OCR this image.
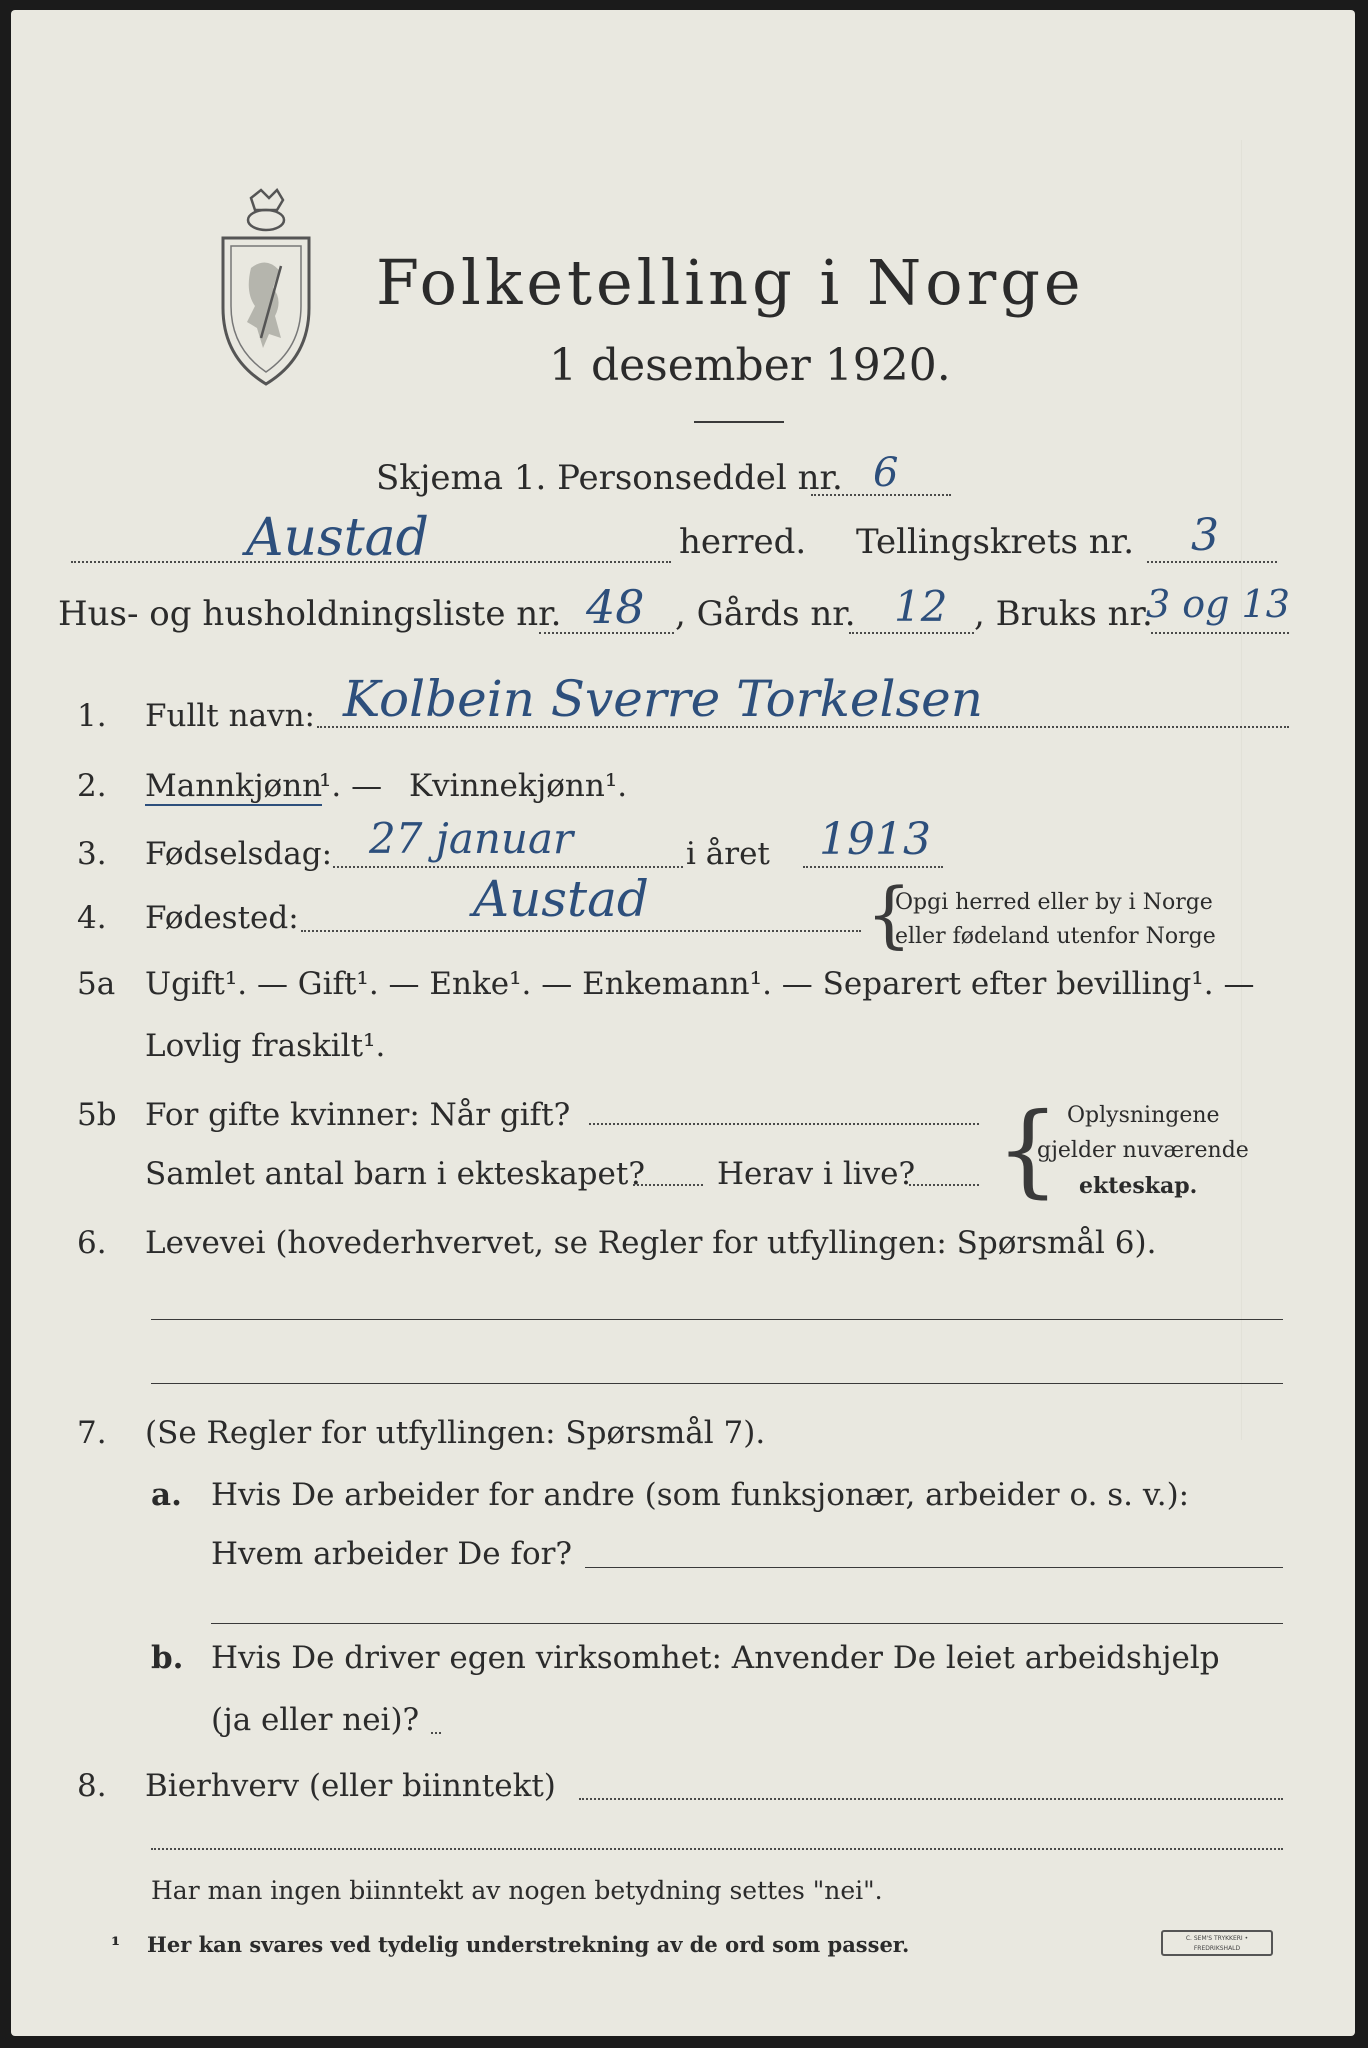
Folketelling i Norge
1 desember 1920.
Skjema 1. Personseddel nr. 6
Austad	herred. Tellingskrets nr. 3
Hus- og husholdningsliste nr. 48 , Gårds nr. 12 , Bruks nr.
3 og 13
1. Fullt navn: Kolbein Sverre Torkelsen
2. Mannkjønn
¹. — Kvinnekjønn¹.
3. Fødselsdag: 27 januar	i året 1913
4. Fødested:	Austad	{
Opgi herred eller by i Norge
eller fødeland utenfor Norge
5a Ugift¹. — Gift¹. — Enke¹. — Enkemann¹. — Separert efter bevilling¹. —
Lovlig fraskilt¹.
5b For gifte kvinner: Når gift?
Samlet antal barn i ekteskapet? Herav i live? { Oplysningene
gjelder nuværende
ekteskap.
6. Levevei (hovederhvervet, se Regler for utfyllingen: Spørsmål 6).
7. (Se Regler for utfyllingen: Spørsmål 7).
a. Hvis De arbeider for andre (som funksjonær, arbeider o. s. v.):
Hvem arbeider De for?
b. Hvis De driver egen virksomhet: Anvender De leiet arbeidshjelp
(ja eller nei)?
8. Bierhverv (eller biinntekt)
Har man ingen biinntekt av nogen betydning settes "nei".
¹ Her kan svares ved tydelig understrekning av de ord som passer.	C. SEM'S TRYKKERI • FREDRIKSHALD
